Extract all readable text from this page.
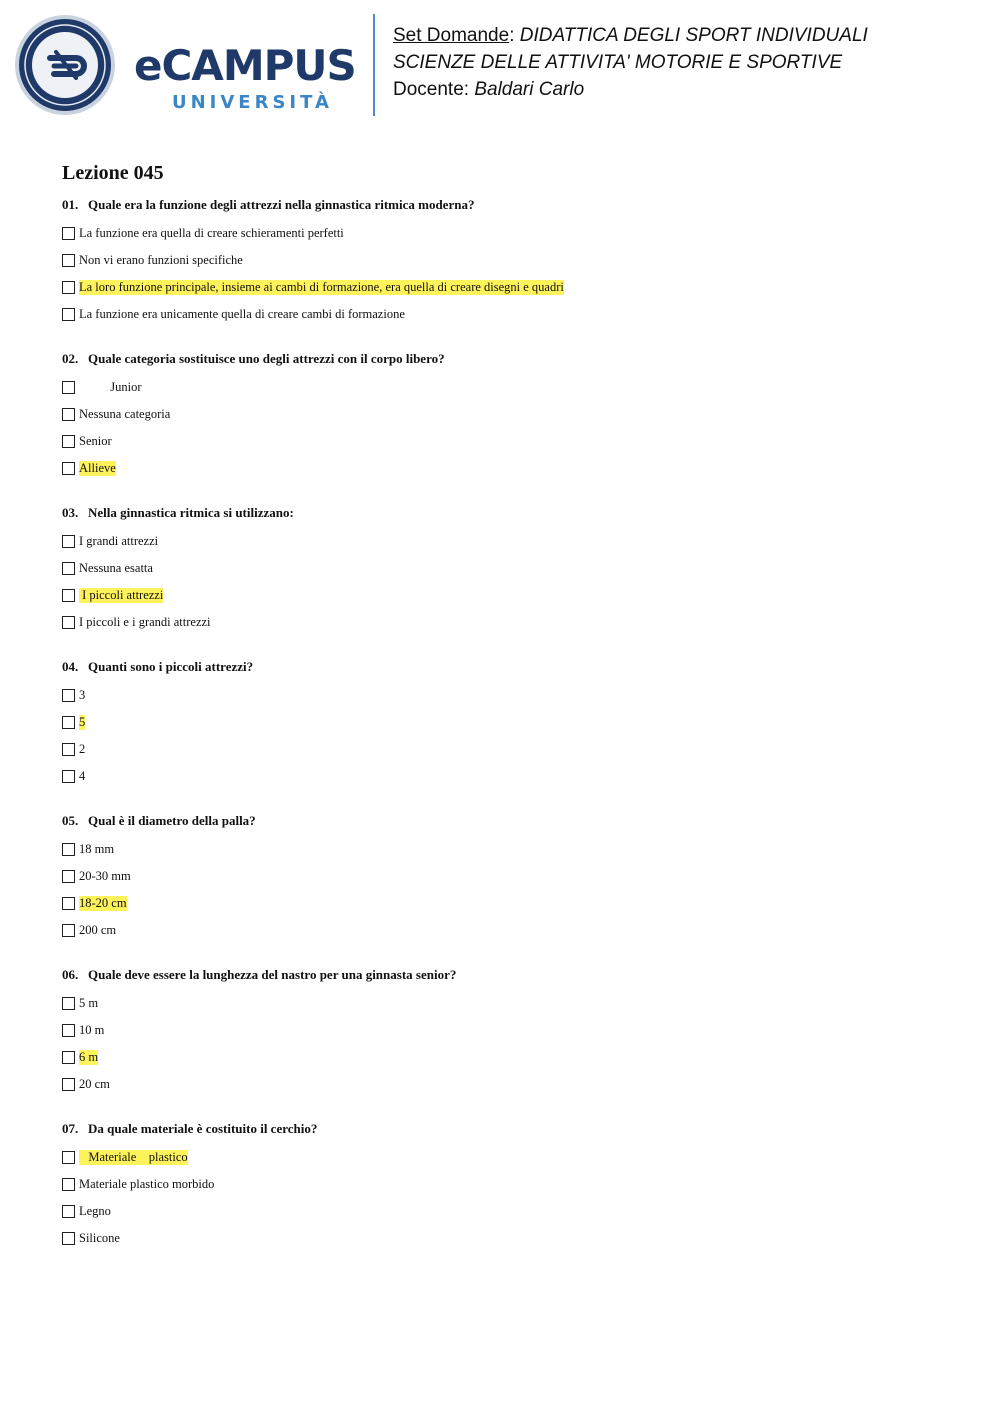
eCAMPUS
UNIVERSITÀ
Set Domande: DIDATTICA DEGLI SPORT INDIVIDUALI
SCIENZE DELLE ATTIVITA' MOTORIE E SPORTIVE
Docente: Baldari Carlo
Lezione 045
01. Quale era la funzione degli attrezzi nella ginnastica ritmica moderna?
La funzione era quella di creare schieramenti perfetti
Non vi erano funzioni specifiche
La loro funzione principale, insieme ai cambi di formazione, era quella di creare disegni e quadri
La funzione era unicamente quella di creare cambi di formazione
02. Quale categoria sostituisce uno degli attrezzi con il corpo libero?
Junior
Nessuna categoria
Senior
Allieve
03. Nella ginnastica ritmica si utilizzano:
I grandi attrezzi
Nessuna esatta
I piccoli attrezzi
I piccoli e i grandi attrezzi
04. Quanti sono i piccoli attrezzi?
3
5
2
4
05. Qual è il diametro della palla?
18 mm
20-30 mm
18-20 cm
200 cm
06. Quale deve essere la lunghezza del nastro per una ginnasta senior?
5 m
10 m
6 m
20 cm
07. Da quale materiale è costituito il cerchio?
Materiale    plastico
Materiale plastico morbido
Legno
Silicone
